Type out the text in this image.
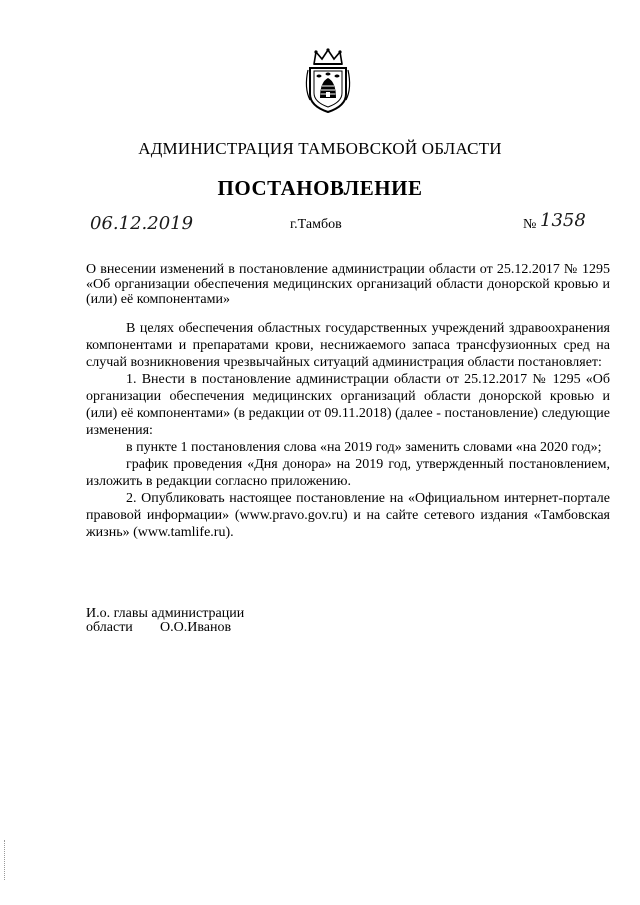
АДМИНИСТРАЦИЯ ТАМБОВСКОЙ ОБЛАСТИ
ПОСТАНОВЛЕНИЕ
06.12.2019	г.Тамбов	№ 1358
О внесении изменений в постановление администрации области от 25.12.2017 № 1295 «Об организации обеспечения медицинских организаций области донорской кровью и (или) её компонентами»

В целях обеспечения областных государственных учреждений здравоохранения компонентами и препаратами крови, неснижаемого запаса трансфузионных сред на случай возникновения чрезвычайных ситуаций администрация области постановляет:

1. Внести в постановление администрации области от 25.12.2017 № 1295 «Об организации обеспечения медицинских организаций области донорской кровью и (или) её компонентами» (в редакции от 09.11.2018) (далее - постановление) следующие изменения:

в пункте 1 постановления слова «на 2019 год» заменить словами «на 2020 год»;

график проведения «Дня донора» на 2019 год, утвержденный постановлением, изложить в редакции согласно приложению.

2. Опубликовать настоящее постановление на «Официальном интернет-портале правовой информации» (www.pravo.gov.ru) и на сайте сетевого издания «Тамбовская жизнь» (www.tamlife.ru).

И.о. главы администрации
области О.О.Иванов
